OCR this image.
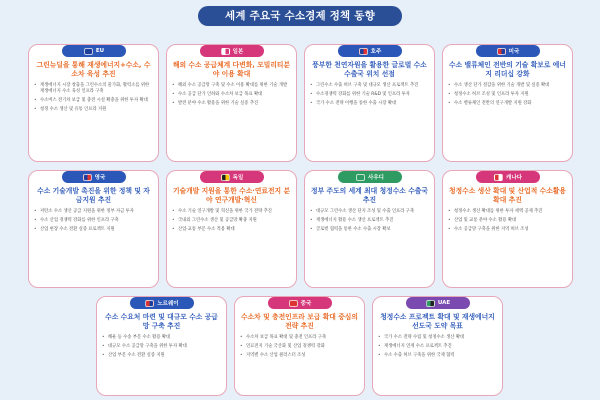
세계 주요국 수소경제 정책 동향
EU
그린뉴딜을 통해 재생에너지+수소, 수소차 육성 추진
• 재생에너지 시장 창출을 그린수소의 물가화, 활력소를 위한 재생에너지 수소 육성 인프라 구축
• 수소버스 전기차 보급 및 충전 시설 확충을 위한 투자 확대
• 청정 수소 생산 및 유통 인프라 지원
일본
해외 수소 공급체계 다변화, 모빌리티분야 이용 확대
• 해외 수소 공급망 구축 및 수소 이용 확대를 위한 기술 개발
• 수소 공급 단가 인하와 수소차 보급 목표 확대
• 발전 분야 수소 활용을 위한 기술 실증 추진
호주
풍부한 천연자원을 활용한 글로벌 수소 수출국 위치 선점
• 그린수소 수출 허브 구축 및 대규모 생산 프로젝트 추진
• 수소경쟁력 강화를 위한 기술 R&D 및 인프라 투자
• 국가 수소 전략 이행을 통한 수출 시장 확대
미국
수소 밸류체인 전반의 기술 확보로 에너지 리더십 강화
• 수소 생산 단가 절감을 위한 기술 개발 및 실증 확대
• 청정수소 허브 조성 및 인프라 투자 지원
• 수소 밸류체인 전반의 연구개발 지원 강화
영국
수소 기술개발 촉진을 위한 정책 및 자금지원 추진
• 저탄소 수소 생산 공급 지원을 위한 정부 자금 투자
• 수소 산업 경쟁력 강화를 위한 인프라 구축
• 산업 현장 수소 전환 실증 프로젝트 지원
독일
기술개발 지원을 통한 수소·연료전지 분야 연구개발·혁신
• 수소 기술 연구개발 및 혁신을 위한 국가 전략 추진
• 국내외 그린수소 생산 및 공급망 확충 지원
• 산업·교통 부문 수소 적용 확대
사우디
정부 주도의 세계 최대 청정수소 수출국 추진
• 대규모 그린수소 생산 단지 조성 및 수출 인프라 구축
• 재생에너지 활용 수소 생산 프로젝트 추진
• 글로벌 협력을 통한 수소 수출 시장 확보
캐나다
청정수소 생산 확대 및 산업적 수소활용 확대 추진
• 청정수소 생산 확대를 위한 투자 세액 공제 추진
• 산업 및 교통 분야 수소 활용 확대
• 수소 공급망 구축을 위한 지역 허브 조성
노르웨이
수소 수요처 마련 및 대규모 수소 공급망 구축 추진
• 해운 등 수송 부문 수소 활용 확대
• 대규모 수소 공급망 구축을 위한 투자 확대
• 산업 부문 수소 전환 실증 지원
중국
수소차 및 충전인프라 보급 확대 중심의 전략 추진
• 수소차 보급 목표 확대 및 충전 인프라 구축
• 연료전지 기술 국산화 및 산업 경쟁력 강화
• 지역별 수소 산업 클러스터 조성
UAE
청정수소 프로젝트 확대 및 재생에너지 선도국 도약 목표
• 국가 수소 전략 수립 및 청정수소 생산 확대
• 재생에너지 연계 수소 프로젝트 추진
• 수소 수출 허브 구축을 위한 국제 협력
